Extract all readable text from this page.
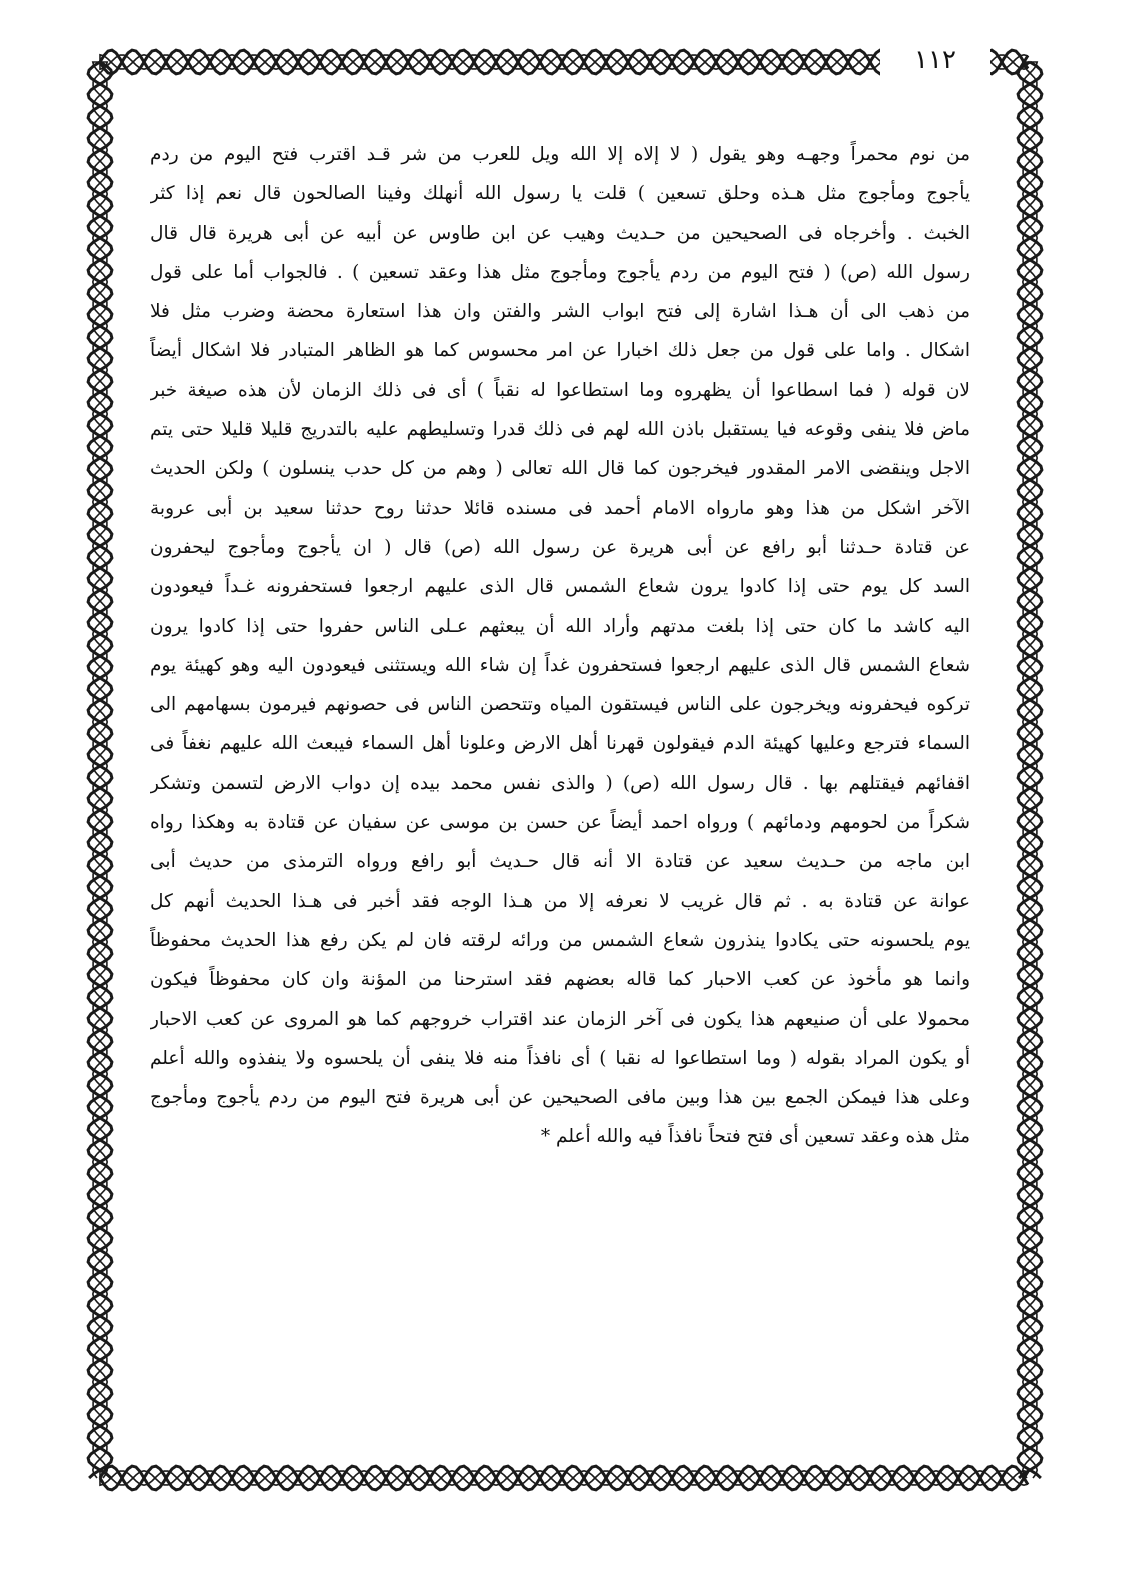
١١٢
من نوم محمراً وجهـه وهو يقول ( لا إلاه إلا الله ويل للعرب من شر قـد اقترب فتح اليوم من ردم
يأجوج ومأجوج مثل هـذه وحلق تسعين ) قلت يا رسول الله أنهلك وفينا الصالحون قال نعم إذا كثر
الخبث . وأخرجاه فى الصحيحين من حـديث وهيب عن ابن طاوس عن أبيه عن أبى هريرة قال قال
رسول الله (ص) ( فتح اليوم من ردم يأجوج ومأجوج مثل هذا وعقد تسعين ) . فالجواب أما على قول
من ذهب الى أن هـذا اشارة إلى فتح ابواب الشر والفتن وان هذا استعارة محضة وضرب مثل فلا
اشكال . واما على قول من جعل ذلك اخبارا عن امر محسوس كما هو الظاهر المتبادر فلا اشكال أيضاً
لان قوله ( فما اسطاعوا أن يظهروه وما استطاعوا له نقباً ) أى فى ذلك الزمان لأن هذه صيغة خبر
ماض فلا ينفى وقوعه فيا يستقبل باذن الله لهم فى ذلك قدرا وتسليطهم عليه بالتدريج قليلا قليلا حتى يتم
الاجل وينقضى الامر المقدور فيخرجون كما قال الله تعالى ( وهم من كل حدب ينسلون ) ولكن الحديث
الآخر اشكل من هذا وهو مارواه الامام أحمد فى مسنده قائلا حدثنا روح حدثنا سعيد بن أبى عروبة
عن قتادة حـدثنا أبو رافع عن أبى هريرة عن رسول الله (ص) قال ( ان يأجوج ومأجوج ليحفرون
السد كل يوم حتى إذا كادوا يرون شعاع الشمس قال الذى عليهم ارجعوا فستحفرونه غـداً فيعودون
اليه كاشد ما كان حتى إذا بلغت مدتهم وأراد الله أن يبعثهم عـلى الناس حفروا حتى إذا كادوا يرون
شعاع الشمس قال الذى عليهم ارجعوا فستحفرون غداً إن شاء الله ويستثنى فيعودون اليه وهو كهيئة يوم
تركوه فيحفرونه ويخرجون على الناس فيستقون المياه وتتحصن الناس فى حصونهم فيرمون بسهامهم الى
السماء فترجع وعليها كهيئة الدم فيقولون قهرنا أهل الارض وعلونا أهل السماء فيبعث الله عليهم نغفاً فى
اقفائهم فيقتلهم بها . قال رسول الله (ص) ( والذى نفس محمد بيده إن دواب الارض لتسمن وتشكر
شكراً من لحومهم ودمائهم ) ورواه احمد أيضاً عن حسن بن موسى عن سفيان عن قتادة به وهكذا رواه
ابن ماجه من حـديث سعيد عن قتادة الا أنه قال حـديث أبو رافع ورواه الترمذى من حديث أبى
عوانة عن قتادة به . ثم قال غريب لا نعرفه إلا من هـذا الوجه فقد أخبر فى هـذا الحديث أنهم كل
يوم يلحسونه حتى يكادوا ينذرون شعاع الشمس من ورائه لرقته فان لم يكن رفع هذا الحديث محفوظاً
وانما هو مأخوذ عن كعب الاحبار كما قاله بعضهم فقد استرحنا من المؤنة وان كان محفوظاً فيكون
محمولا على أن صنيعهم هذا يكون فى آخر الزمان عند اقتراب خروجهم كما هو المروى عن كعب الاحبار
أو يكون المراد بقوله ( وما استطاعوا له نقبا ) أى نافذاً منه فلا ينفى أن يلحسوه ولا ينفذوه والله أعلم
وعلى هذا فيمكن الجمع بين هذا وبين مافى الصحيحين عن أبى هريرة فتح اليوم من ردم يأجوج ومأجوج
مثل هذه وعقد تسعين أى فتح فتحاً نافذاً فيه والله أعلم *
